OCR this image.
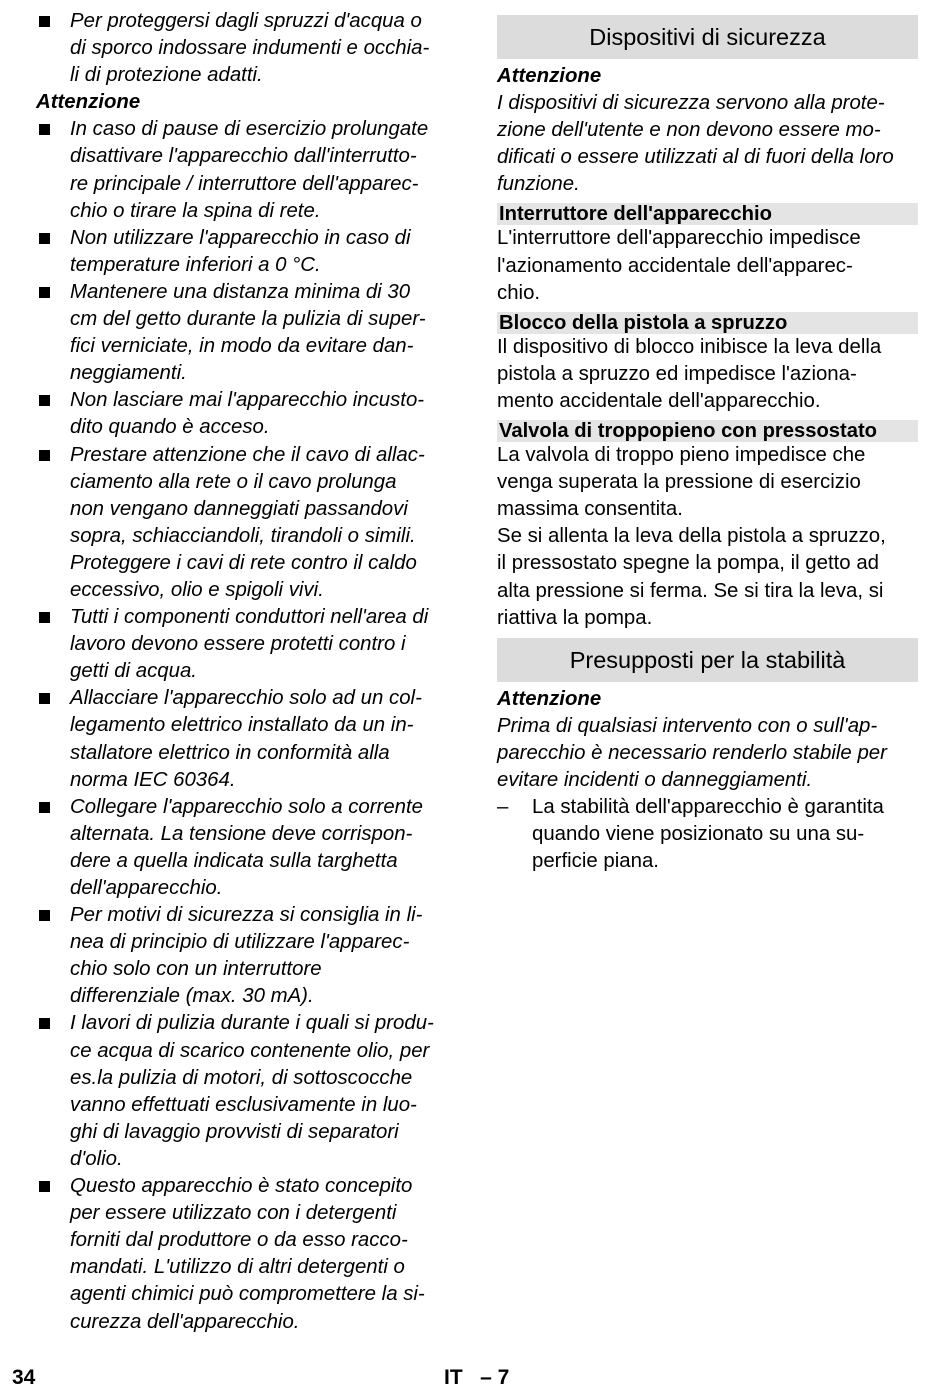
Per proteggersi dagli spruzzi d'acqua o
di sporco indossare indumenti e occhia-
li di protezione adatti.
Attenzione
In caso di pause di esercizio prolungate
disattivare l'apparecchio dall'interrutto-
re principale / interruttore dell'apparec-
chio o tirare la spina di rete.
Non utilizzare l'apparecchio in caso di
temperature inferiori a 0 °C.
Mantenere una distanza minima di 30
cm del getto durante la pulizia di super-
fici verniciate, in modo da evitare dan-
neggiamenti.
Non lasciare mai l'apparecchio incusto-
dito quando è acceso.
Prestare attenzione che il cavo di allac-
ciamento alla rete o il cavo prolunga
non vengano danneggiati passandovi
sopra, schiacciandoli, tirandoli o simili.
Proteggere i cavi di rete contro il caldo
eccessivo, olio e spigoli vivi.
Tutti i componenti conduttori nell'area di
lavoro devono essere protetti contro i
getti di acqua.
Allacciare l'apparecchio solo ad un col-
legamento elettrico installato da un in-
stallatore elettrico in conformità alla
norma IEC 60364.
Collegare l'apparecchio solo a corrente
alternata. La tensione deve corrispon-
dere a quella indicata sulla targhetta
dell'apparecchio.
Per motivi di sicurezza si consiglia in li-
nea di principio di utilizzare l'apparec-
chio solo con un interruttore
differenziale (max. 30 mA).
I lavori di pulizia durante i quali si produ-
ce acqua di scarico contenente olio, per
es.la pulizia di motori, di sottoscocche
vanno effettuati esclusivamente in luo-
ghi di lavaggio provvisti di separatori
d'olio.
Questo apparecchio è stato concepito
per essere utilizzato con i detergenti
forniti dal produttore o da esso racco-
mandati. L'utilizzo di altri detergenti o
agenti chimici può compromettere la si-
curezza dell'apparecchio.
Dispositivi di sicurezza
Attenzione
I dispositivi di sicurezza servono alla prote-
zione dell'utente e non devono essere mo-
dificati o essere utilizzati al di fuori della loro
funzione.
Interruttore dell'apparecchio
L'interruttore dell'apparecchio impedisce
l'azionamento accidentale dell'apparec-
chio.
Blocco della pistola a spruzzo
Il dispositivo di blocco inibisce la leva della
pistola a spruzzo ed impedisce l'aziona-
mento accidentale dell'apparecchio.
Valvola di troppopieno con pressostato
La valvola di troppo pieno impedisce che
venga superata la pressione di esercizio
massima consentita.
Se si allenta la leva della pistola a spruzzo,
il pressostato spegne la pompa, il getto ad
alta pressione si ferma. Se si tira la leva, si
riattiva la pompa.
Presupposti per la stabilità
Attenzione
Prima di qualsiasi intervento con o sull'ap-
parecchio è necessario renderlo stabile per
evitare incidenti o danneggiamenti.
– La stabilità dell'apparecchio è garantita
quando viene posizionato su una su-
perficie piana.
34	IT   – 7
